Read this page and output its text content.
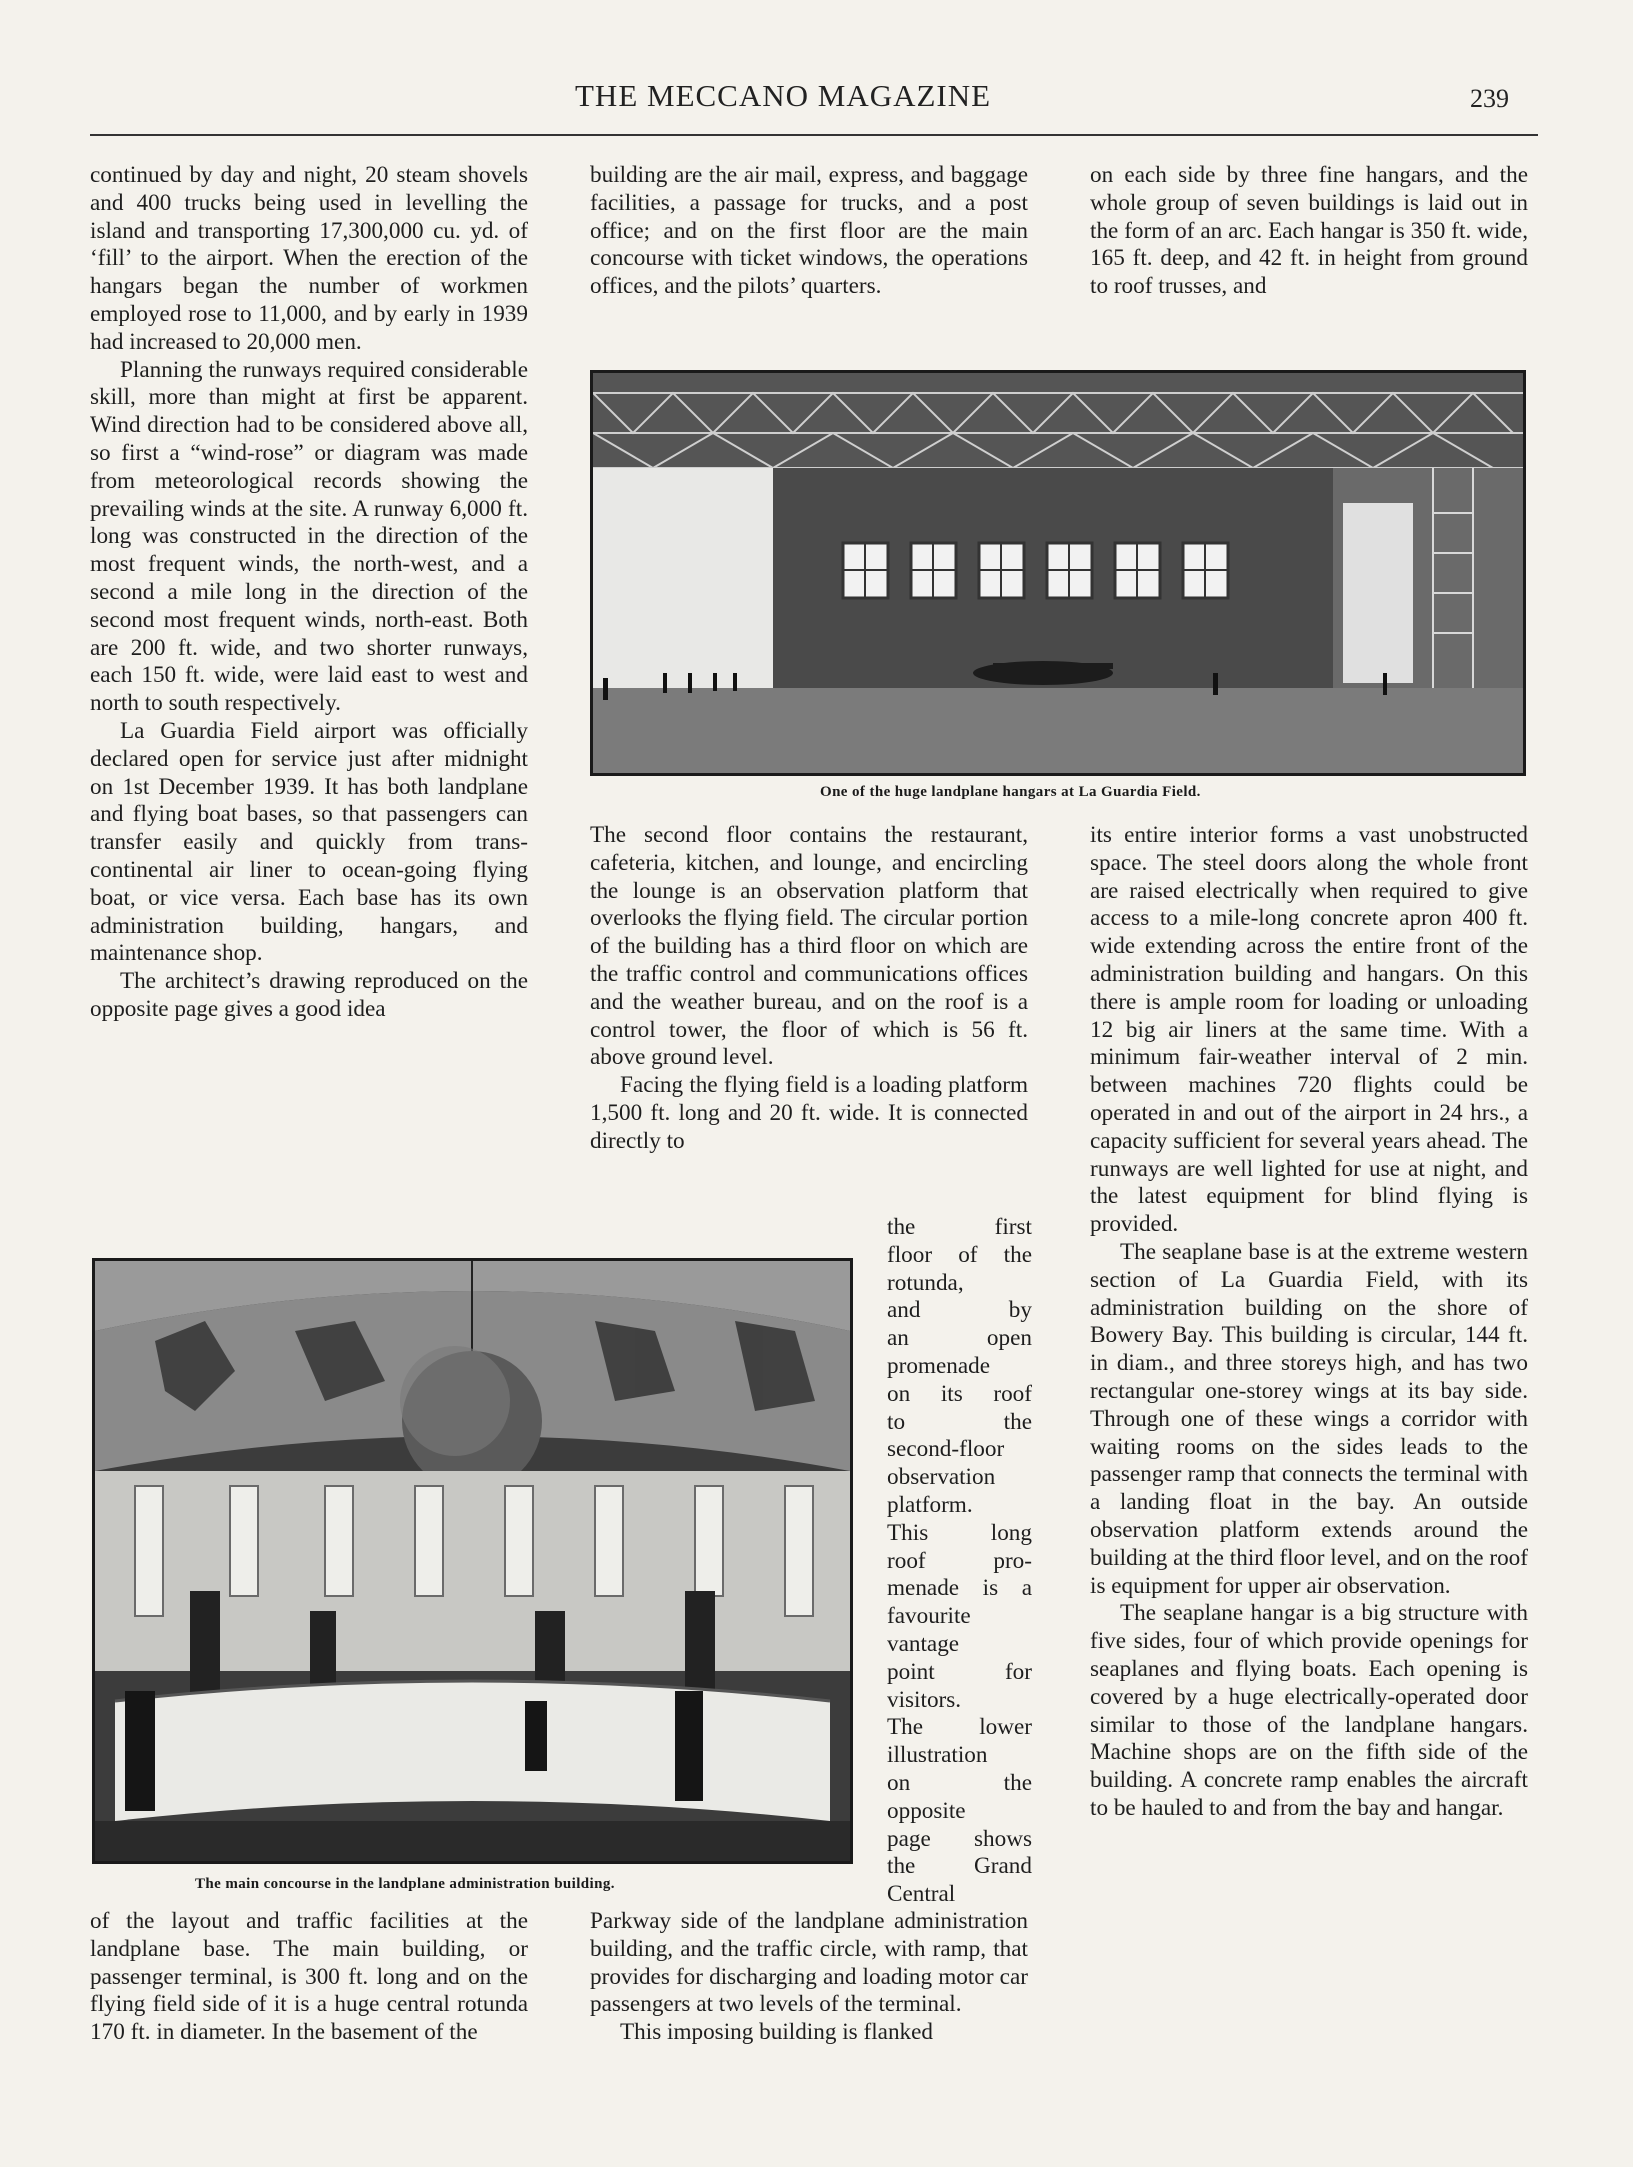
THE MECCANO MAGAZINE	239

continued by day and night, 20 steam shovels and 400 trucks being used in levelling the island and transporting 17,300,000 cu. yd. of ‘fill’ to the airport. When the erection of the hangars began the number of workmen employed rose to 11,000, and by early in 1939 had increased to 20,000 men.

Planning the runways required considerable skill, more than might at first be apparent. Wind direction had to be considered above all, so first a “wind-rose” or diagram was made from meteorological records showing the prevailing winds at the site. A runway 6,000 ft. long was constructed in the direction of the most frequent winds, the north-west, and a second a mile long in the direction of the second most frequent winds, north-east. Both are 200 ft. wide, and two shorter runways, each 150 ft. wide, were laid east to west and north to south respectively.

La Guardia Field airport was officially declared open for service just after midnight on 1st December 1939. It has both landplane and flying boat bases, so that passengers can transfer easily and quickly from trans-continental air liner to ocean-going flying boat, or vice versa. Each base has its own administration building, hangars, and maintenance shop.

The architect’s drawing reproduced on the opposite page gives a good idea

building are the air mail, express, and baggage facilities, a passage for trucks, and a post office; and on the first floor are the main concourse with ticket windows, the operations offices, and the pilots’ quarters.

on each side by three fine hangars, and the whole group of seven buildings is laid out in the form of an arc. Each hangar is 350 ft. wide, 165 ft. deep, and 42 ft. in height from ground to roof trusses, and

One of the huge landplane hangars at La Guardia Field.

The second floor contains the restaurant, cafeteria, kitchen, and lounge, and encircling the lounge is an observation platform that overlooks the flying field. The circular portion of the building has a third floor on which are the traffic control and communications offices and the weather bureau, and on the roof is a control tower, the floor of which is 56 ft. above ground level.

Facing the flying field is a loading platform 1,500 ft. long and 20 ft. wide. It is connected directly to

the first
floor of the
rotunda,
and by
an open
promenade
on its roof
to the
second-floor
observation
platform.
This long
roof pro-
menade is a
favourite
vantage
point for
visitors.
The lower
illustration
on the
opposite
page shows
the Grand
Central
The main concourse in the landplane administration building.

of the layout and traffic facilities at the landplane base. The main building, or passenger terminal, is 300 ft. long and on the flying field side of it is a huge central rotunda 170 ft. in diameter. In the basement of the

Parkway side of the landplane administration building, and the traffic circle, with ramp, that provides for discharging and loading motor car passengers at two levels of the terminal.

This imposing building is flanked

its entire interior forms a vast unobstructed space. The steel doors along the whole front are raised electrically when required to give access to a mile-long concrete apron 400 ft. wide extending across the entire front of the administration building and hangars. On this there is ample room for loading or unloading 12 big air liners at the same time. With a minimum fair-weather interval of 2 min. between machines 720 flights could be operated in and out of the airport in 24 hrs., a capacity sufficient for several years ahead. The runways are well lighted for use at night, and the latest equipment for blind flying is provided.

The seaplane base is at the extreme western section of La Guardia Field, with its administration building on the shore of Bowery Bay. This building is circular, 144 ft. in diam., and three storeys high, and has two rectangular one-storey wings at its bay side. Through one of these wings a corridor with waiting rooms on the sides leads to the passenger ramp that connects the terminal with a landing float in the bay. An outside observation platform extends around the building at the third floor level, and on the roof is equipment for upper air observation.

The seaplane hangar is a big structure with five sides, four of which provide openings for seaplanes and flying boats. Each opening is covered by a huge electrically-operated door similar to those of the landplane hangars. Machine shops are on the fifth side of the building. A concrete ramp enables the aircraft to be hauled to and from the bay and hangar.
